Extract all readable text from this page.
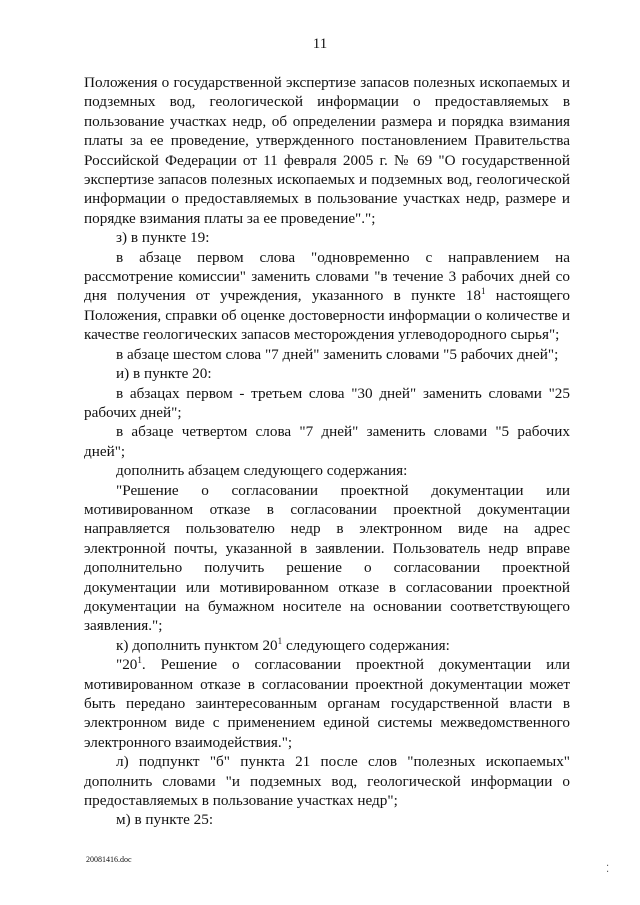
11

Положения о государственной экспертизе запасов полезных ископаемых и подземных вод, геологической информации о предоставляемых в пользование участках недр, об определении размера и порядка взимания платы за ее проведение, утвержденного постановлением Правительства Российской Федерации от 11 февраля 2005 г. № 69 "О государственной экспертизе запасов полезных ископаемых и подземных вод, геологической информации о предоставляемых в пользование участках недр, размере и порядке взимания платы за ее проведение".";

з) в пункте 19:

в абзаце первом слова "одновременно с направлением на рассмотрение комиссии" заменить словами "в течение 3 рабочих дней со дня получения от учреждения, указанного в пункте $18^1$ настоящего Положения, справки об оценке достоверности информации о количестве и качестве геологических запасов месторождения углеводородного сырья";

в абзаце шестом слова "7 дней" заменить словами "5 рабочих дней";

и) в пункте 20:

в абзацах первом - третьем слова "30 дней" заменить словами "25 рабочих дней";

в абзаце четвертом слова "7 дней" заменить словами "5 рабочих дней";

дополнить абзацем следующего содержания:

"Решение о согласовании проектной документации или мотивированном отказе в согласовании проектной документации направляется пользователю недр в электронном виде на адрес электронной почты, указанной в заявлении. Пользователь недр вправе дополнительно получить решение о согласовании проектной документации или мотивированном отказе в согласовании проектной документации на бумажном носителе на основании соответствующего заявления.";

к) дополнить пунктом $20^1$ следующего содержания:

"$20^1$. Решение о согласовании проектной документации или мотивированном отказе в согласовании проектной документации может быть передано заинтересованным органам государственной власти в электронном виде с применением единой системы межведомственного электронного взаимодействия.";

л) подпункт "б" пункта 21 после слов "полезных ископаемых" дополнить словами "и подземных вод, геологической информации о предоставляемых в пользование участках недр";

м) в пункте 25:

20081416.doc
⁚
